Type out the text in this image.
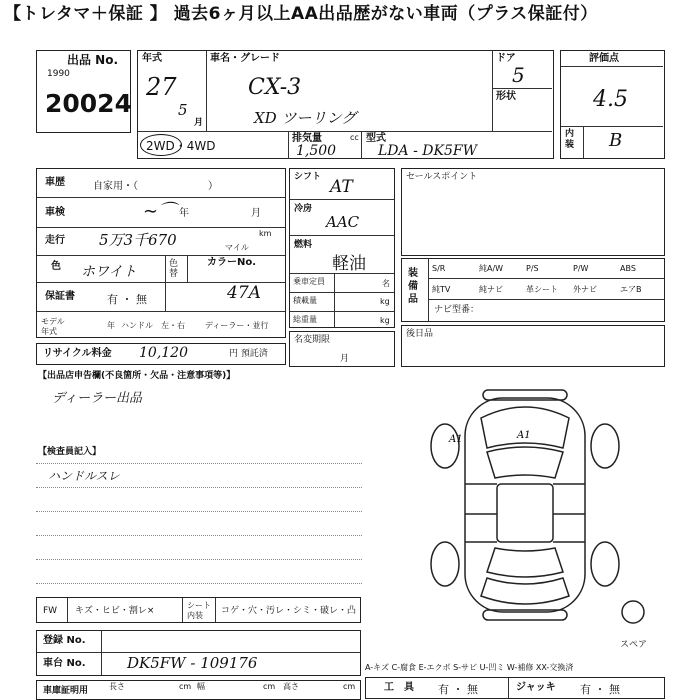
【トレタマ＋保証 】 過去6ヶ月以上AA出品歴がない車両（プラス保証付）
出品 No.
1990
20024
年式
27
5
月
車名・グレード
CX-3
XD ツーリング
ドア
5
形状
2WD・4WD
排気量	cc
1,500
型式
LDA - DK5FW
評価点
4.5
内装 B
車歴	自家用・（　　　　　　　）
車検	∼⌒ 年	月
走行 5万3千670	km
マイル
色 ホワイト	色替
カラーNo.
47A
保証書	有 ・ 無
モデル年式
年 ハンドル 左・右	ディーラー・並行
リサイクル料金 10,120	円 預託済
シフト AT
冷房
AAC
燃料
軽油
乗車定員	名
積載量	kg
総重量	kg
名変期限
月
セールスポイント
装備品
S/R	純A/W	P/S	P/W	ABS
純TV	純ナビ	革シート 外ナビ	エアB
ナビ型番：
後日品
【出品店申告欄(不良箇所・欠品・注意事項等)】
ディーラー出品
【検査員記入】
ハンドルスレ
FW キズ・ヒビ・割レ×
シート内装	コゲ・穴・汚レ・シミ・破レ・凸
登録 No.
車台 No.	DK5FW - 109176
車庫証明用	長さ	cm 幅	cm 高さ	cm
A1	A1
スペア
A-キズ C-腐食 E-エクボ S-サビ U-凹ミ W-補修 XX-交換済
工　具 有 ・ 無	ジャッキ 有 ・ 無
